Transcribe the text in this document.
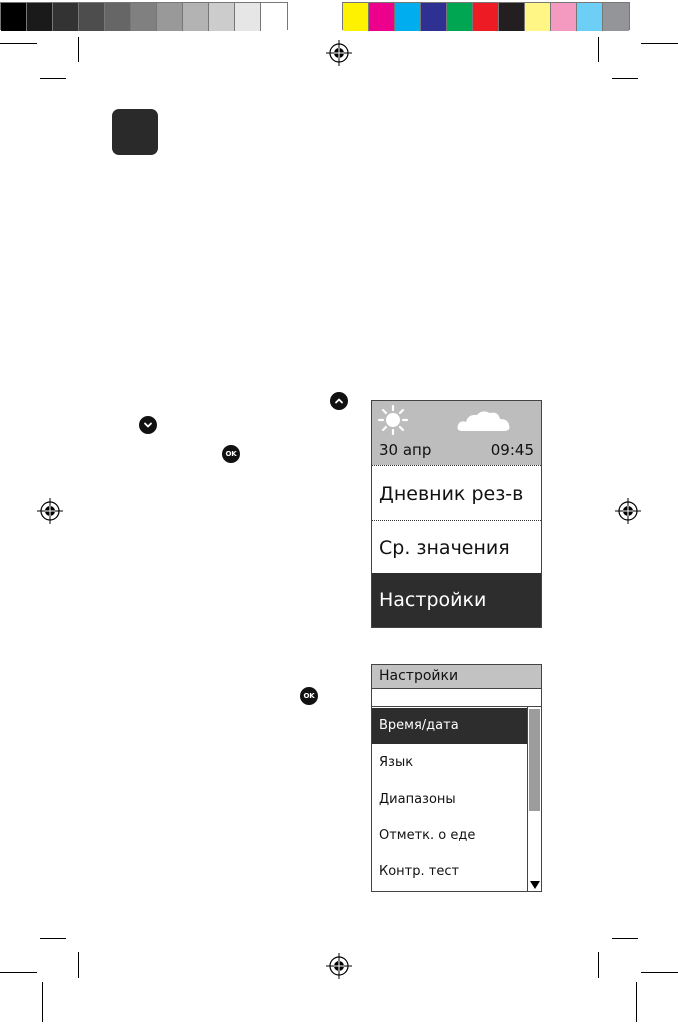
OK
OK
30 апр	09:45
Дневник рез-в
Ср. значения
Настройки
Настройки
Время/дата
Язык
Диапазоны
Отметк. о еде
Контр. тест
